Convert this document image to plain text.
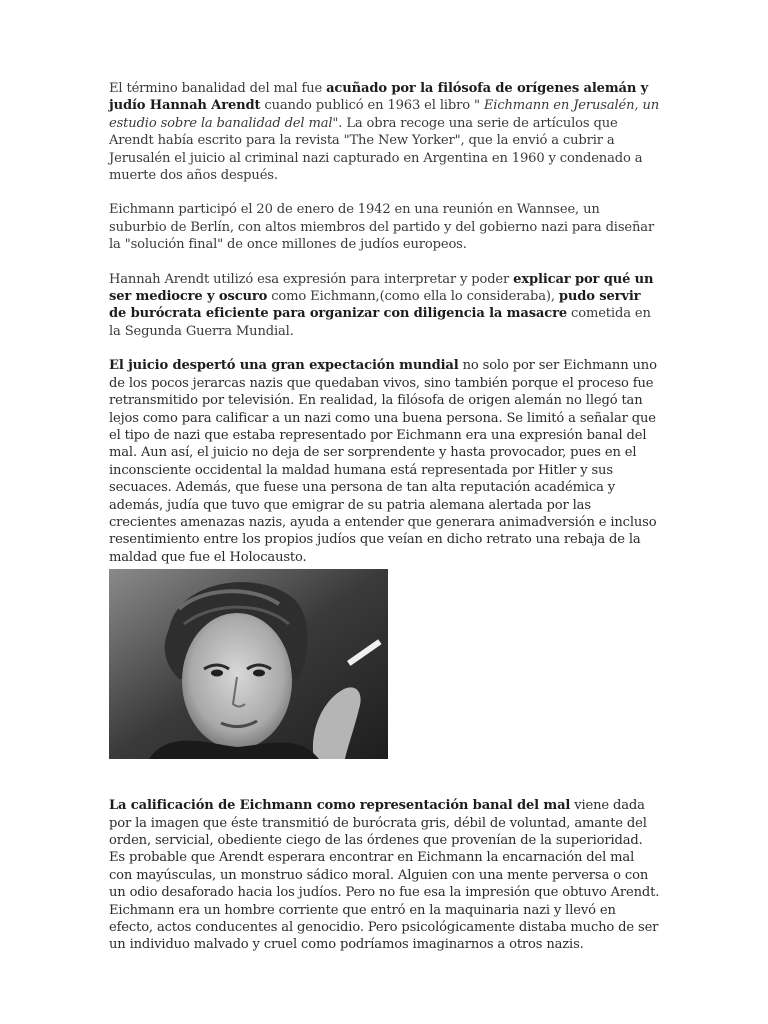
El término banalidad del mal fue acuñado por la filósofa de orígenes alemán y judío Hannah Arendt cuando publicó en 1963 el libro " Eichmann en Jerusalén, un estudio sobre la banalidad del mal". La obra recoge una serie de artículos que Arendt había escrito para la revista "The New Yorker", que la envió a cubrir a Jerusalén el juicio al criminal nazi capturado en Argentina en 1960 y condenado a muerte dos años después.

Eichmann participó el 20 de enero de 1942 en una reunión en Wannsee, un suburbio de Berlín, con altos miembros del partido y del gobierno nazi para diseñar la "solución final" de once millones de judíos europeos.

Hannah Arendt utilizó esa expresión para interpretar y poder explicar por qué un ser mediocre y oscuro como Eichmann,(como ella lo consideraba), pudo servir de burócrata eficiente para organizar con diligencia la masacre cometida en la Segunda Guerra Mundial.

El juicio despertó una gran expectación mundial no solo por ser Eichmann uno de los pocos jerarcas nazis que quedaban vivos, sino también porque el proceso fue retransmitido por televisión. En realidad, la filósofa de origen alemán no llegó tan lejos como para calificar a un nazi como una buena persona. Se limitó a señalar que el tipo de nazi que estaba representado por Eichmann era una expresión banal del mal. Aun así, el juicio no deja de ser sorprendente y hasta provocador, pues en el inconsciente occidental la maldad humana está representada por Hitler y sus secuaces. Además, que fuese una persona de tan alta reputación académica y además, judía que tuvo que emigrar de su patria alemana alertada por las crecientes amenazas nazis, ayuda a entender que generara animadversión e incluso resentimiento entre los propios judíos que veían en dicho retrato una rebaja de la maldad que fue el Holocausto.

La calificación de Eichmann como representación banal del mal viene dada por la imagen que éste transmitió de burócrata gris, débil de voluntad, amante del orden, servicial, obediente ciego de las órdenes que provenían de la superioridad. Es probable que Arendt esperara encontrar en Eichmann la encarnación del mal con mayúsculas, un monstruo sádico moral. Alguien con una mente perversa o con un odio desaforado hacia los judíos. Pero no fue esa la impresión que obtuvo Arendt. Eichmann era un hombre corriente que entró en la maquinaria nazi y llevó en efecto, actos conducentes al genocidio. Pero psicológicamente distaba mucho de ser un individuo malvado y cruel como podríamos imaginarnos a otros nazis.
